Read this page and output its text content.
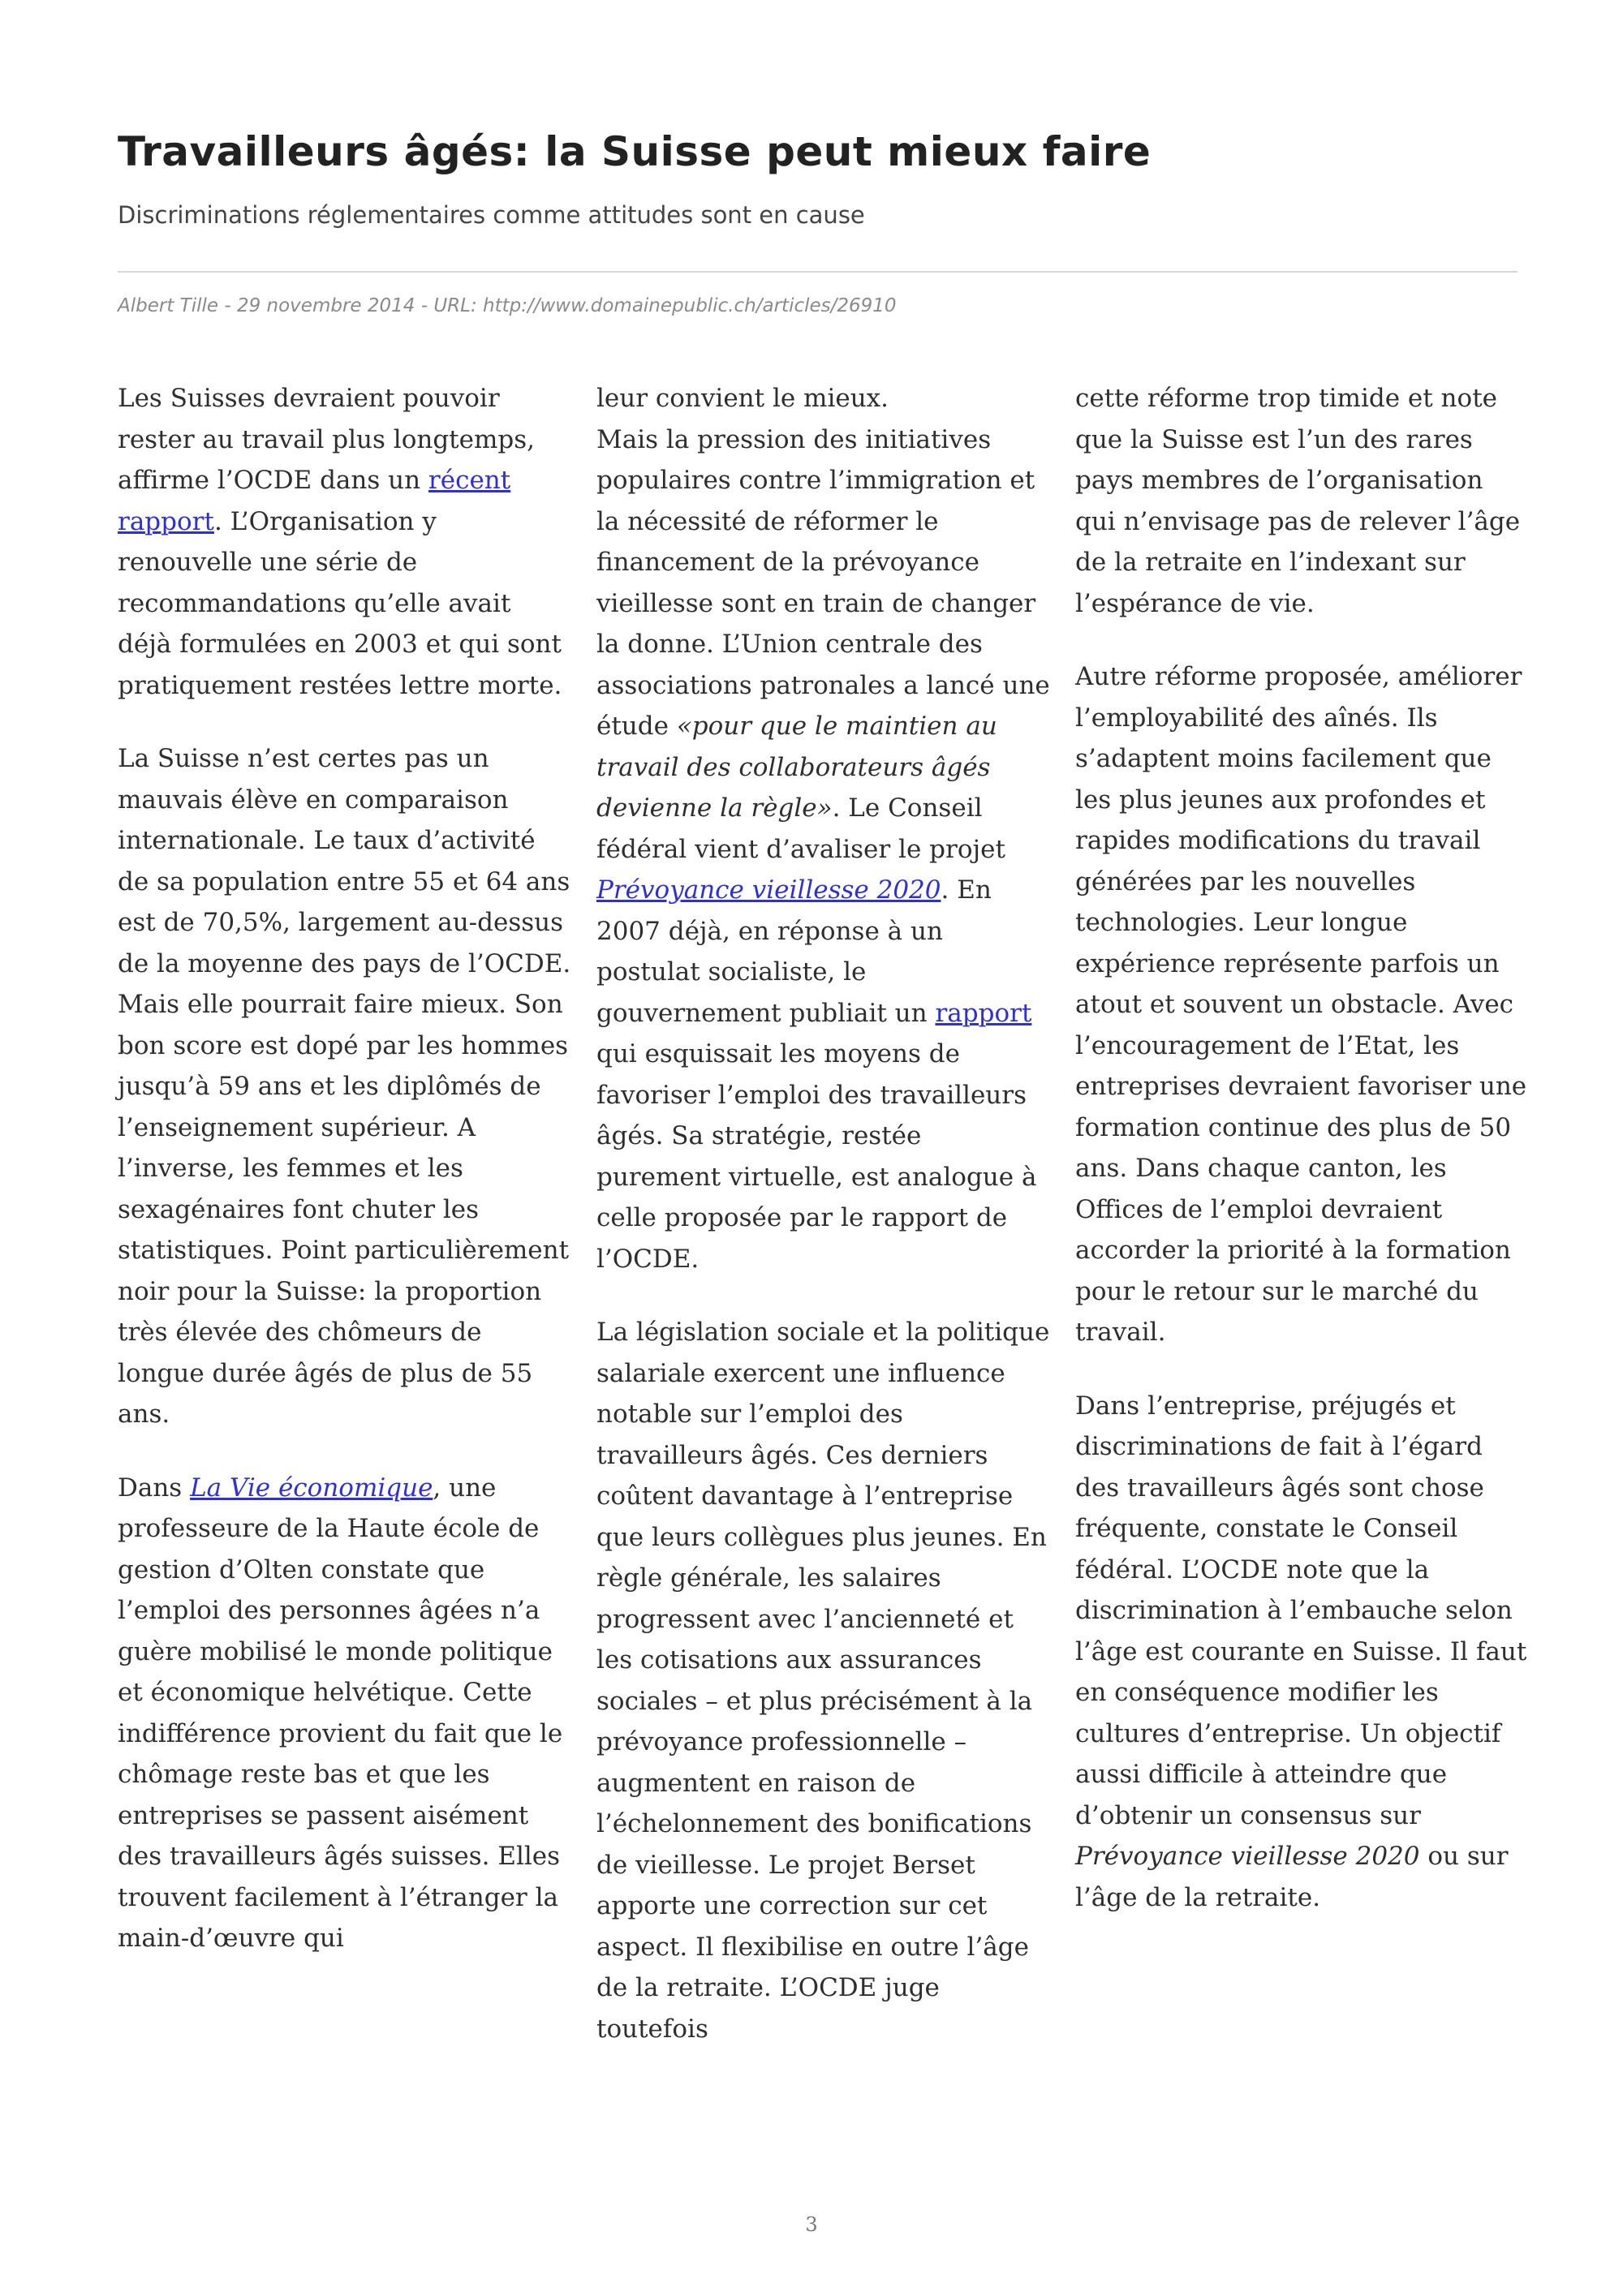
Travailleurs âgés: la Suisse peut mieux faire
Discriminations réglementaires comme attitudes sont en cause
Albert Tille - 29 novembre 2014 - URL: http://www.domainepublic.ch/articles/26910

Les Suisses devraient pouvoir rester au travail plus longtemps, affirme l’OCDE dans un récent rapport. L’Organisation y renouvelle une série de recommandations qu’elle avait déjà formulées en 2003 et qui sont pratiquement restées lettre morte.

La Suisse n’est certes pas un mauvais élève en comparaison internationale. Le taux d’activité de sa population entre 55 et 64 ans est de 70,5%, largement au-dessus de la moyenne des pays de l’OCDE. Mais elle pourrait faire mieux. Son bon score est dopé par les hommes jusqu’à 59 ans et les diplômés de l’enseignement supérieur. A l’inverse, les femmes et les sexagénaires font chuter les statistiques. Point particulièrement noir pour la Suisse: la proportion très élevée des chômeurs de longue durée âgés de plus de 55 ans.

Dans La Vie économique, une professeure de la Haute école de gestion d’Olten constate que l’emploi des personnes âgées n’a guère mobilisé le monde politique et économique helvétique. Cette indifférence provient du fait que le chômage reste bas et que les entreprises se passent aisément des travailleurs âgés suisses. Elles trouvent facilement à l’étranger la main-d’œuvre qui

leur convient le mieux.

Mais la pression des initiatives populaires contre l’immigration et la nécessité de réformer le financement de la prévoyance vieillesse sont en train de changer la donne. L’Union centrale des associations patronales a lancé une étude «pour que le maintien au travail des collaborateurs âgés devienne la règle». Le Conseil fédéral vient d’avaliser le projet Prévoyance vieillesse 2020. En 2007 déjà, en réponse à un postulat socialiste, le gouvernement publiait un rapport qui esquissait les moyens de favoriser l’emploi des travailleurs âgés. Sa stratégie, restée purement virtuelle, est analogue à celle proposée par le rapport de l’OCDE.

La législation sociale et la politique salariale exercent une influence notable sur l’emploi des travailleurs âgés. Ces derniers coûtent davantage à l’entreprise que leurs collègues plus jeunes. En règle générale, les salaires progressent avec l’ancienneté et les cotisations aux assurances sociales – et plus précisément à la prévoyance professionnelle – augmentent en raison de l’échelonnement des bonifications de vieillesse. Le projet Berset apporte une correction sur cet aspect. Il flexibilise en outre l’âge de la retraite. L’OCDE juge toutefois

cette réforme trop timide et note que la Suisse est l’un des rares pays membres de l’organisation qui n’envisage pas de relever l’âge de la retraite en l’indexant sur l’espérance de vie.

Autre réforme proposée, améliorer l’employabilité des aînés. Ils s’adaptent moins facilement que les plus jeunes aux profondes et rapides modifications du travail générées par les nouvelles technologies. Leur longue expérience représente parfois un atout et souvent un obstacle. Avec l’encouragement de l’Etat, les entreprises devraient favoriser une formation continue des plus de 50 ans. Dans chaque canton, les Offices de l’emploi devraient accorder la priorité à la formation pour le retour sur le marché du travail.

Dans l’entreprise, préjugés et discriminations de fait à l’égard des travailleurs âgés sont chose fréquente, constate le Conseil fédéral. L’OCDE note que la discrimination à l’embauche selon l’âge est courante en Suisse. Il faut en conséquence modifier les cultures d’entreprise. Un objectif aussi difficile à atteindre que d’obtenir un consensus sur Prévoyance vieillesse 2020 ou sur l’âge de la retraite.

3
